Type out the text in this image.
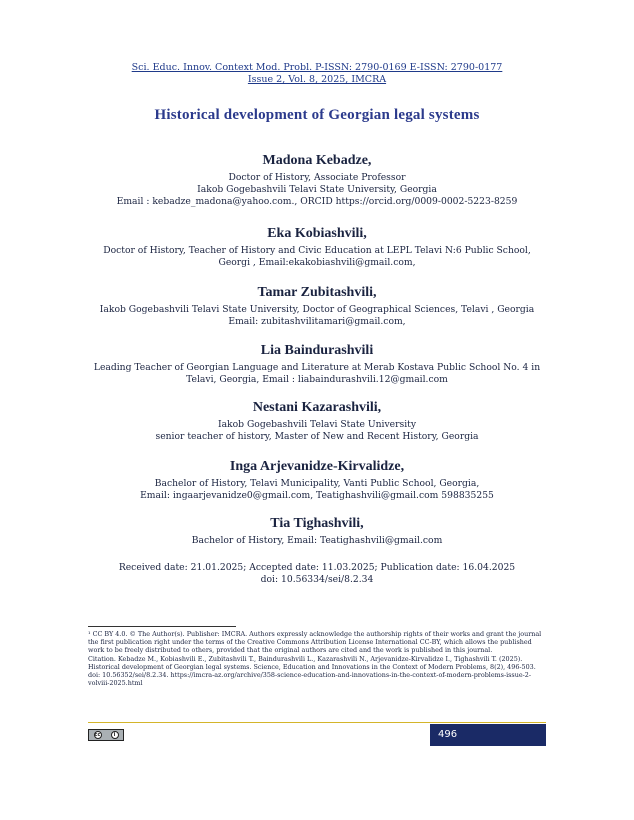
Sci. Educ. Innov. Context Mod. Probl. P-ISSN: 2790-0169 E-ISSN: 2790-0177
Issue 2, Vol. 8, 2025, IMCRA
Historical development of Georgian legal systems
Madona Kebadze,
Doctor of History, Associate Professor
Iakob Gogebashvili Telavi State University, Georgia
Email : kebadze_madona@yahoo.com., ORCID https://orcid.org/0009-0002-5223-8259
Eka Kobiashvili,
Doctor of History, Teacher of History and Civic Education at LEPL Telavi N:6 Public School,
Georgi , Email:ekakobiashvili@gmail.com,
Tamar Zubitashvili,
Iakob Gogebashvili Telavi State University, Doctor of Geographical Sciences, Telavi , Georgia
Email: zubitashvilitamari@gmail.com,
Lia Baindurashvili
Leading Teacher of Georgian Language and Literature at Merab Kostava Public School No. 4 in
Telavi, Georgia, Email : liabaindurashvili.12@gmail.com
Nestani Kazarashvili,
Iakob Gogebashvili Telavi State University
senior teacher of history, Master of New and Recent History, Georgia
Inga Arjevanidze-Kirvalidze,
Bachelor of History, Telavi Municipality, Vanti Public School, Georgia,
Email: ingaarjevanidze0@gmail.com, Teatighashvili@gmail.com 598835255
Tia Tighashvili,
Bachelor of History, Email: Teatighashvili@gmail.com
Received date: 21.01.2025; Accepted date: 11.03.2025; Publication date: 16.04.2025
doi: 10.56334/sei/8.2.34

¹ CC BY 4.0. © The Author(s). Publisher: IMCRA. Authors expressly acknowledge the authorship rights of their works and grant the journal the first publication right under the terms of the Creative Commons Attribution License International CC-BY, which allows the published work to be freely distributed to others, provided that the original authors are cited and the work is published in this journal.

Citation. Kebadze M., Kobiashvili E., Zubitashvili T., Baindurashvili L., Kazarashvili N., Arjevanidze-Kirvalidze I., Tighashvili T. (2025). Historical development of Georgian legal systems. Science, Education and Innovations in the Context of Modern Problems, 8(2), 496-503. doi: 10.56352/sei/8.2.34. https://imcra-az.org/archive/358-science-education-and-innovations-in-the-context-of-modern-problems-issue-2-volviii-2025.html

cc	i	496
